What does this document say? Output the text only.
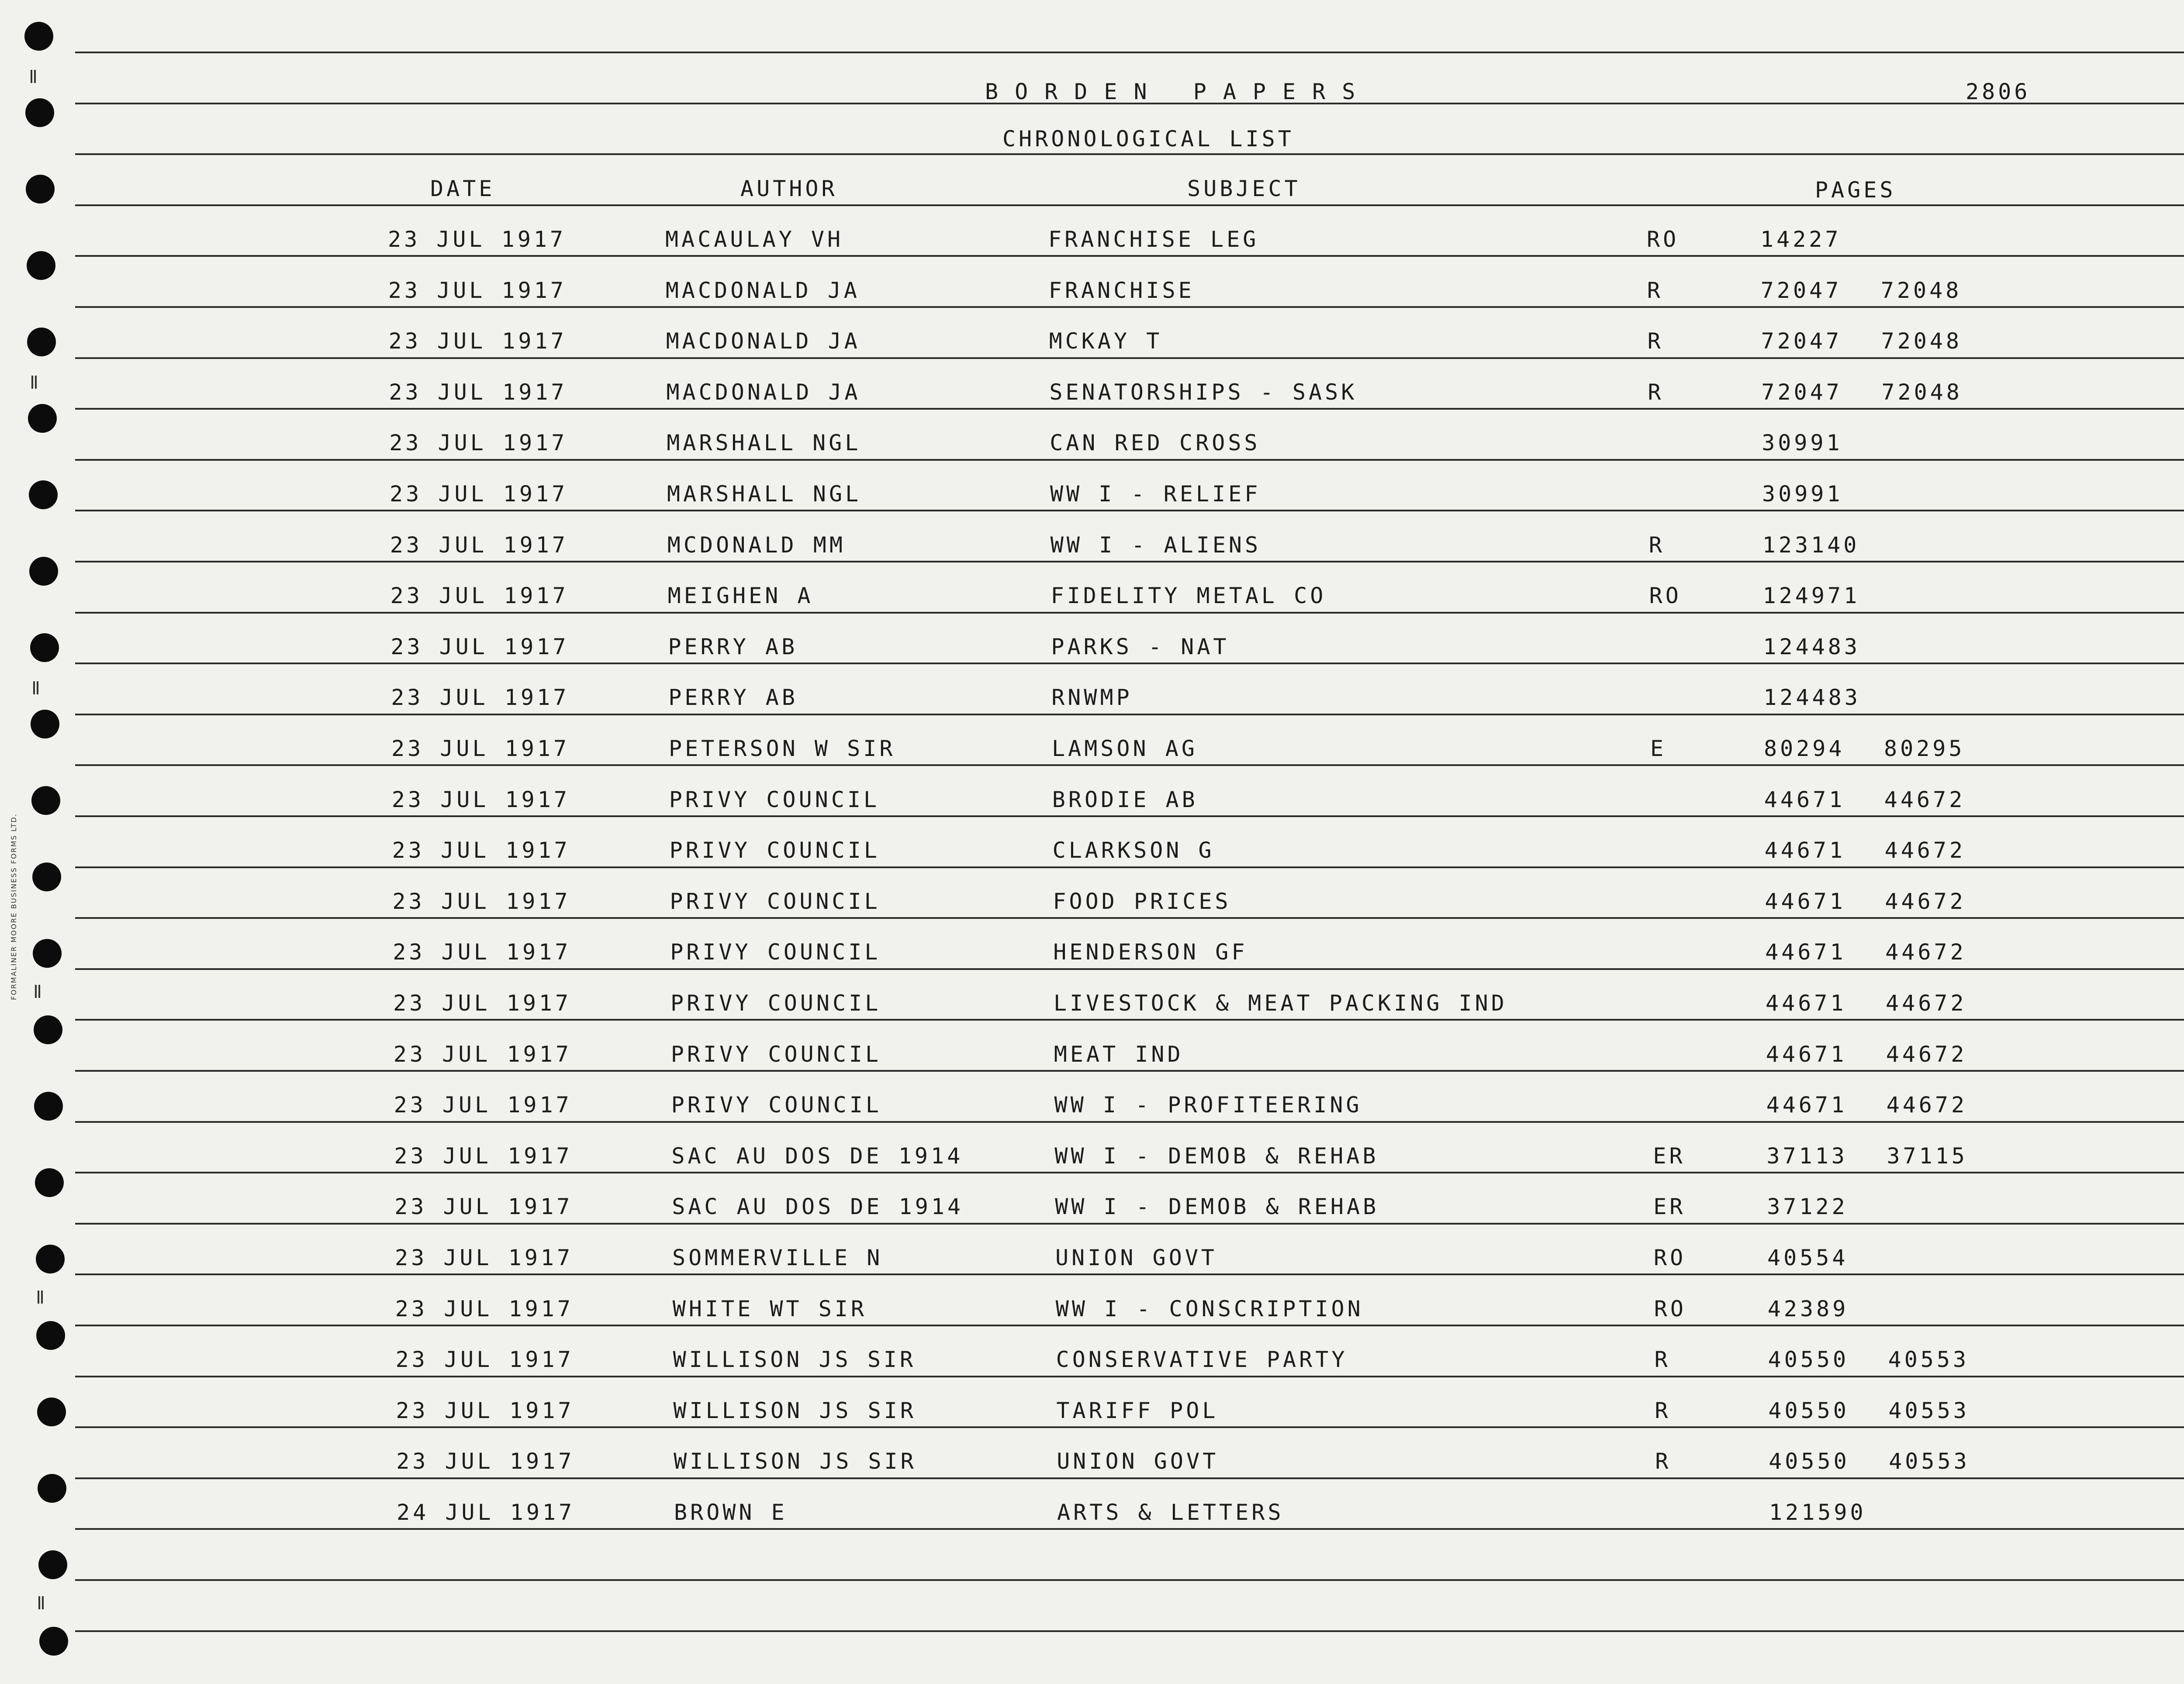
FORMALINER MOORE BUSINESS FORMS LTD.
BORDEN PAPERS	2806
CHRONOLOGICAL LIST
DATE	AUTHOR	SUBJECT	PAGES
23 JUL 1917	MACAULAY VH	FRANCHISE LEG	RO	14227
23 JUL 1917	MACDONALD JA	FRANCHISE	R	72047 72048
23 JUL 1917	MACDONALD JA	MCKAY T	R	72047 72048
23 JUL 1917	MACDONALD JA	SENATORSHIPS - SASK	R	72047 72048
23 JUL 1917	MARSHALL NGL	CAN RED CROSS	30991
23 JUL 1917	MARSHALL NGL	WW I - RELIEF	30991
23 JUL 1917	MCDONALD MM	WW I - ALIENS	R	123140
23 JUL 1917	MEIGHEN A	FIDELITY METAL CO	RO	124971
23 JUL 1917	PERRY AB	PARKS - NAT	124483
23 JUL 1917	PERRY AB	RNWMP	124483
23 JUL 1917	PETERSON W SIR	LAMSON AG	E	80294 80295
23 JUL 1917	PRIVY COUNCIL	BRODIE AB	44671 44672
23 JUL 1917	PRIVY COUNCIL	CLARKSON G	44671 44672
23 JUL 1917	PRIVY COUNCIL	FOOD PRICES	44671 44672
23 JUL 1917	PRIVY COUNCIL	HENDERSON GF	44671 44672
23 JUL 1917	PRIVY COUNCIL	LIVESTOCK & MEAT PACKING IND	44671 44672
23 JUL 1917	PRIVY COUNCIL	MEAT IND	44671 44672
23 JUL 1917	PRIVY COUNCIL	WW I - PROFITEERING	44671 44672
23 JUL 1917	SAC AU DOS DE 1914	WW I - DEMOB & REHAB	ER	37113 37115
23 JUL 1917	SAC AU DOS DE 1914	WW I - DEMOB & REHAB	ER	37122
23 JUL 1917	SOMMERVILLE N	UNION GOVT	RO	40554
23 JUL 1917	WHITE WT SIR	WW I - CONSCRIPTION	RO	42389
23 JUL 1917	WILLISON JS SIR	CONSERVATIVE PARTY	R	40550 40553
23 JUL 1917	WILLISON JS SIR	TARIFF POL	R	40550 40553
23 JUL 1917	WILLISON JS SIR	UNION GOVT	R	40550 40553
24 JUL 1917	BROWN E	ARTS & LETTERS	121590
